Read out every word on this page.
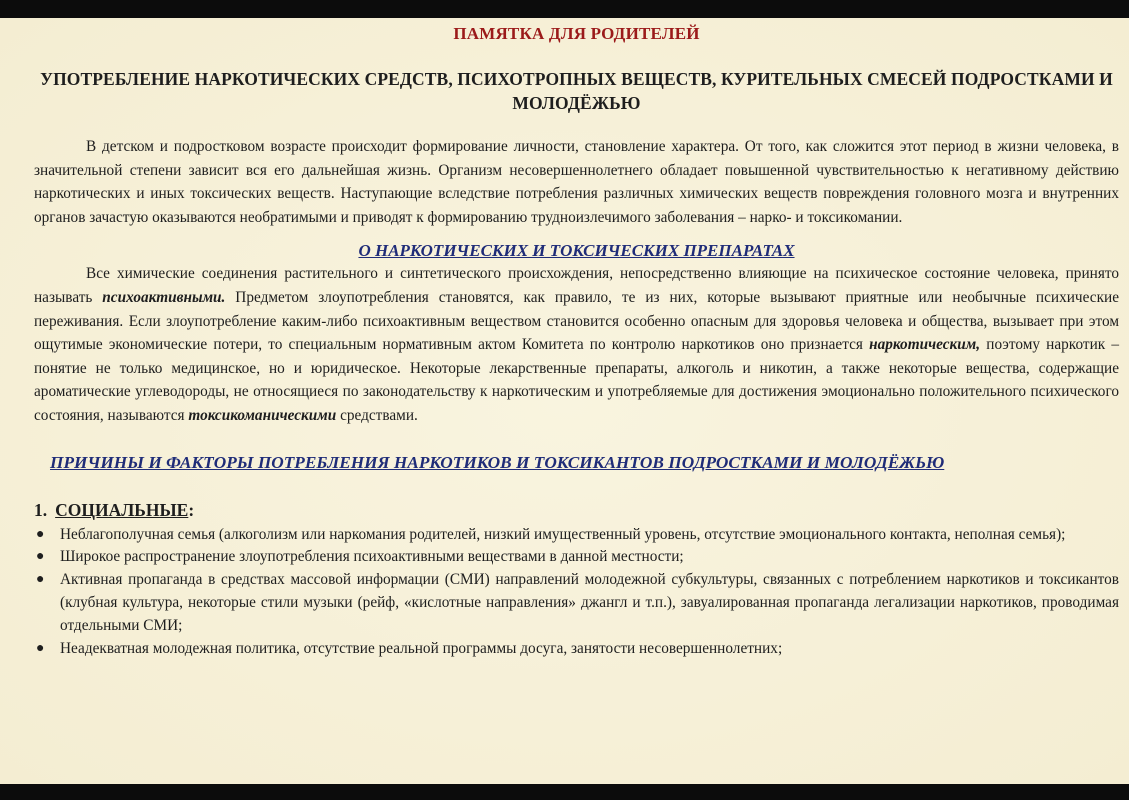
ПАМЯТКА ДЛЯ РОДИТЕЛЕЙ
УПОТРЕБЛЕНИЕ НАРКОТИЧЕСКИХ СРЕДСТВ, ПСИХОТРОПНЫХ ВЕЩЕСТВ, КУРИТЕЛЬНЫХ СМЕСЕЙ ПОДРОСТКАМИ И МОЛОДЁЖЬЮ

В детском и подростковом возрасте происходит формирование личности, становление характера. От того, как сложится этот период в жизни человека, в значительной степени зависит вся его дальнейшая жизнь. Организм несовершеннолетнего обладает повышенной чувствительностью к негативному действию наркотических и иных токсических веществ. Наступающие вследствие потребления различных химических веществ повреждения головного мозга и внутренних органов зачастую оказываются необратимыми и приводят к формированию трудноизлечимого заболевания – нарко- и токсикомании.

О НАРКОТИЧЕСКИХ И ТОКСИЧЕСКИХ ПРЕПАРАТАХ

Все химические соединения растительного и синтетического происхождения, непосредственно влияющие на психическое состояние человека, принято называть психоактивными. Предметом злоупотребления становятся, как правило, те из них, которые вызывают приятные или необычные психические переживания. Если злоупотребление каким-либо психоактивным веществом становится особенно опасным для здоровья человека и общества, вызывает при этом ощутимые экономические потери, то специальным нормативным актом Комитета по контролю наркотиков оно признается наркотическим, поэтому наркотик – понятие не только медицинское, но и юридическое. Некоторые лекарственные препараты, алкоголь и никотин, а также некоторые вещества, содержащие ароматические углеводороды, не относящиеся по законодательству к наркотическим и употребляемые для достижения эмоционально положительного психического состояния, называются токсикоманическими средствами.

ПРИЧИНЫ И ФАКТОРЫ ПОТРЕБЛЕНИЯ НАРКОТИКОВ И ТОКСИКАНТОВ ПОДРОСТКАМИ И МОЛОДЁЖЬЮ
1. СОЦИАЛЬНЫЕ:
● Неблагополучная семья (алкоголизм или наркомания родителей, низкий имущественный уровень, отсутствие эмоционального контакта, неполная семья);
● Широкое распространение злоупотребления психоактивными веществами в данной местности;
● Активная пропаганда в средствах массовой информации (СМИ) направлений молодежной субкультуры, связанных с потреблением наркотиков и токсикантов (клубная культура, некоторые стили музыки (рейф, «кислотные направления» джангл и т.п.), завуалированная пропаганда легализации наркотиков, проводимая отдельными СМИ;
● Неадекватная молодежная политика, отсутствие реальной программы досуга, занятости несовершеннолетних;
